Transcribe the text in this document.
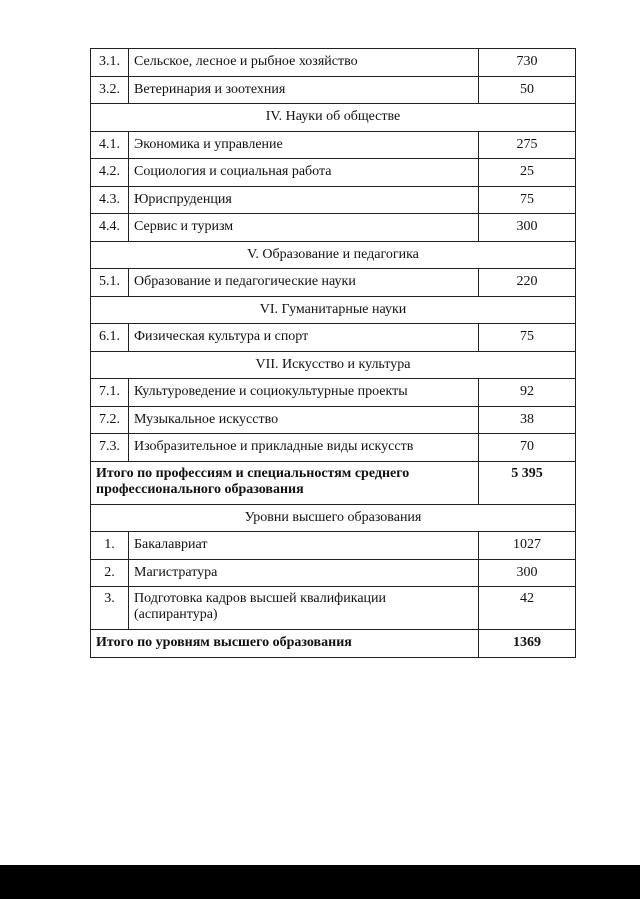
3.1.	Сельское, лесное и рыбное хозяйство	730
3.2.	Ветеринария и зоотехния	50
IV. Науки об обществе		
4.1.	Экономика и управление	275
4.2.	Социология и социальная работа	25
4.3.	Юриспруденция	75
4.4.	Сервис и туризм	300
V. Образование и педагогика		
5.1.	Образование и педагогические науки	220
VI. Гуманитарные науки		
6.1.	Физическая культура и спорт	75
VII. Искусство и культура		
7.1.	Культуроведение и социокультурные проекты	92
7.2.	Музыкальное искусство	38
7.3.	Изобразительное и прикладные виды искусств	70
Итого по профессиям и специальностям среднего профессионального образования		5 395
Уровни высшего образования		
1.	Бакалавриат	1027
2.	Магистратура	300
3.	Подготовка кадров высшей квалификации (аспирантура)	42
Итого по уровням высшего образования		1369
